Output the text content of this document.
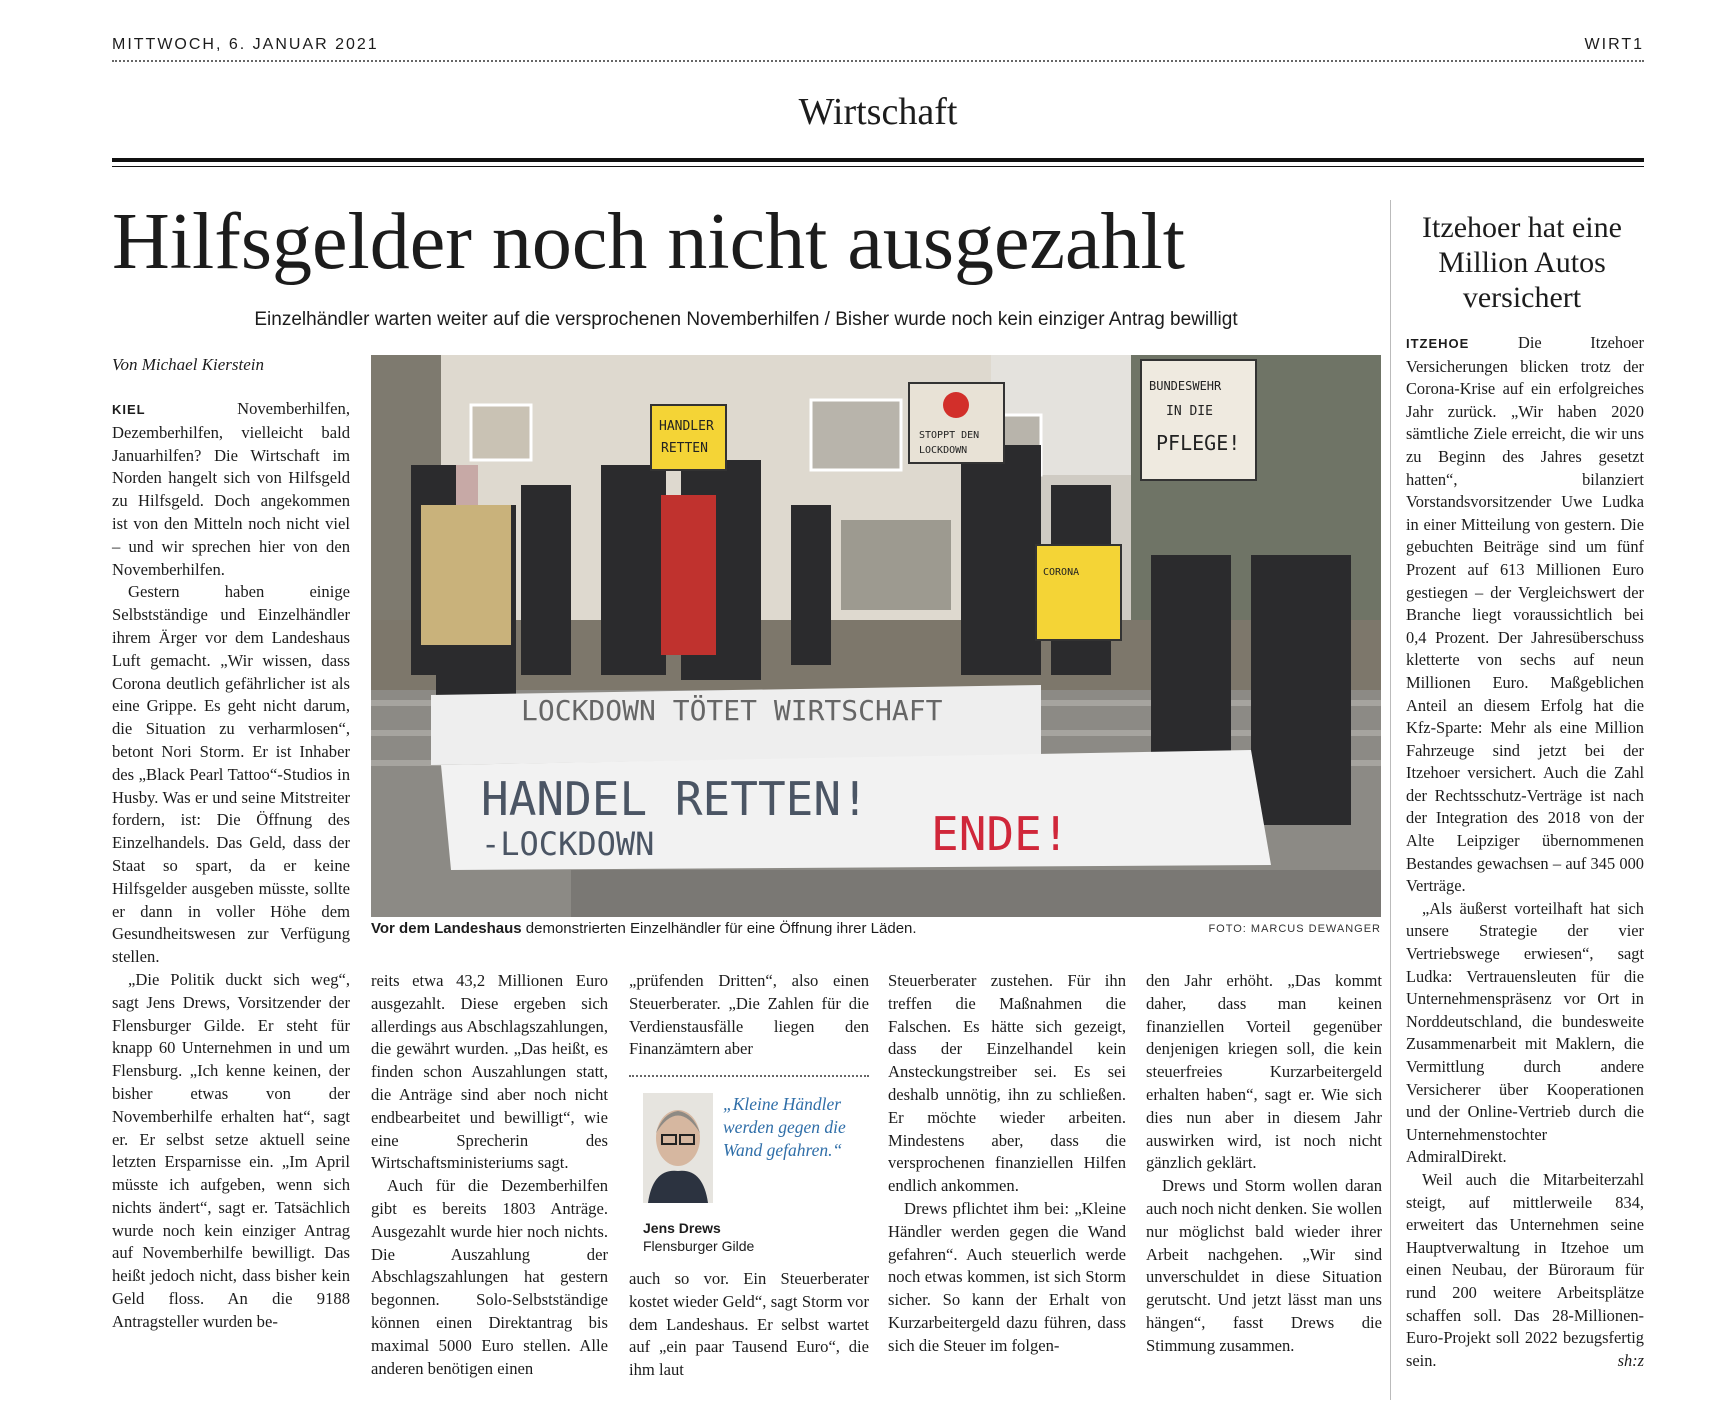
MITTWOCH, 6. JANUAR 2021	WIRT1
Wirtschaft
Hilfsgelder noch nicht ausgezahlt
Einzelhändler warten weiter auf die versprochenen Novemberhilfen / Bisher wurde noch kein einziger Antrag bewilligt
Von Michael Kierstein

KIEL	Novemberhilfen, Dezemberhilfen, vielleicht bald Januarhilfen? Die Wirtschaft im Norden hangelt sich von Hilfsgeld zu Hilfsgeld. Doch angekommen ist von den Mitteln noch nicht viel – und wir sprechen hier von den Novemberhilfen.

Gestern haben einige Selbstständige und Einzelhändler ihrem Ärger vor dem Landeshaus Luft gemacht. „Wir wissen, dass Corona deutlich gefährlicher ist als eine Grippe. Es geht nicht darum, die Situation zu verharmlosen“, betont Nori Storm. Er ist Inhaber des „Black Pearl Tattoo“-Studios in Husby. Was er und seine Mitstreiter fordern, ist: Die Öffnung des Einzelhandels. Das Geld, dass der Staat so spart, da er keine Hilfsgelder ausgeben müsste, sollte er dann in voller Höhe dem Gesundheitswesen zur Verfügung stellen.

„Die Politik duckt sich weg“, sagt Jens Drews, Vorsitzender der Flensburger Gilde. Er steht für knapp 60 Unternehmen in und um Flensburg. „Ich kenne keinen, der bisher etwas von der Novemberhilfe erhalten hat“, sagt er. Er selbst setze aktuell seine letzten Ersparnisse ein. „Im April müsste ich aufgeben, wenn sich nichts ändert“, sagt er. Tatsächlich wurde noch kein einziger Antrag auf Novemberhilfe bewilligt. Das heißt jedoch nicht, dass bisher kein Geld floss. An die 9188 Antragsteller wurden be-

HANDLER
RETTEN
STOPPT DEN
LOCKDOWN
BUNDESWEHR
IN DIE
PFLEGE!
CORONA
LOCKDOWN TÖTET WIRTSCHAFT
HANDEL RETTEN!
-LOCKDOWN	ENDE!
Vor dem Landeshaus demonstrierten Einzelhändler für eine Öffnung ihrer Läden.	FOTO: MARCUS DEWANGER

reits etwa 43,2 Millionen Euro ausgezahlt. Diese ergeben sich allerdings aus Abschlagszahlungen, die gewährt wurden. „Das heißt, es finden schon Auszahlungen statt, die Anträge sind aber noch nicht endbearbeitet und bewilligt“, wie eine Sprecherin des Wirtschaftsministeriums sagt.

Auch für die Dezemberhilfen gibt es bereits 1803 Anträge. Ausgezahlt wurde hier noch nichts. Die Auszahlung der Abschlagszahlungen hat gestern begonnen. Solo-Selbstständige können einen Direktantrag bis maximal 5000 Euro stellen. Alle anderen benötigen einen

„prüfenden Dritten“, also einen Steuerberater. „Die Zahlen für die Verdienstausfälle liegen den Finanzämtern aber

„Kleine Händler werden gegen die Wand gefahren.“
Jens Drews
Flensburger Gilde

auch so vor. Ein Steuerberater kostet wieder Geld“, sagt Storm vor dem Landeshaus. Er selbst wartet auf „ein paar Tausend Euro“, die ihm laut

Steuerberater zustehen. Für ihn treffen die Maßnahmen die Falschen. Es hätte sich gezeigt, dass der Einzelhandel kein Ansteckungstreiber sei. Es sei deshalb unnötig, ihn zu schließen. Er möchte wieder arbeiten. Mindestens aber, dass die versprochenen finanziellen Hilfen endlich ankommen.

Drews pflichtet ihm bei: „Kleine Händler werden gegen die Wand gefahren“. Auch steuerlich werde noch etwas kommen, ist sich Storm sicher. So kann der Erhalt von Kurzarbeitergeld dazu führen, dass sich die Steuer im folgen-

den Jahr erhöht. „Das kommt daher, dass man keinen finanziellen Vorteil gegenüber denjenigen kriegen soll, die kein steuerfreies Kurzarbeitergeld erhalten haben“, sagt er. Wie sich dies nun aber in diesem Jahr auswirken wird, ist noch nicht gänzlich geklärt.

Drews und Storm wollen daran auch noch nicht denken. Sie wollen nur möglichst bald wieder ihrer Arbeit nachgehen. „Wir sind unverschuldet in diese Situation gerutscht. Und jetzt lässt man uns hängen“, fasst Drews die Stimmung zusammen.

Itzehoer hat eine Million Autos versichert

ITZEHOE	Die Itzehoer Versicherungen blicken trotz der Corona-Krise auf ein erfolgreiches Jahr zurück. „Wir haben 2020 sämtliche Ziele erreicht, die wir uns zu Beginn des Jahres gesetzt hatten“, bilanziert Vorstandsvorsitzender Uwe Ludka in einer Mitteilung von gestern. Die gebuchten Beiträge sind um fünf Prozent auf 613 Millionen Euro gestiegen – der Vergleichswert der Branche liegt voraussichtlich bei 0,4 Prozent. Der Jahresüberschuss kletterte von sechs auf neun Millionen Euro. Maßgeblichen Anteil an diesem Erfolg hat die Kfz-Sparte: Mehr als eine Million Fahrzeuge sind jetzt bei der Itzehoer versichert. Auch die Zahl der Rechtsschutz-Verträge ist nach der Integration des 2018 von der Alte Leipziger übernommenen Bestandes gewachsen – auf 345 000 Verträge.

„Als äußerst vorteilhaft hat sich unsere Strategie der vier Vertriebswege erwiesen“, sagt Ludka: Vertrauensleuten für die Unternehmenspräsenz vor Ort in Norddeutschland, die bundesweite Zusammenarbeit mit Maklern, die Vermittlung durch andere Versicherer über Kooperationen und der Online-Vertrieb durch die Unternehmenstochter AdmiralDirekt.

Weil auch die Mitarbeiterzahl steigt, auf mittlerweile 834, erweitert das Unternehmen seine Hauptverwaltung in Itzehoe um einen Neubau, der Büroraum für rund 200 weitere Arbeitsplätze schaffen soll. Das 28-Millionen-Euro-Projekt soll 2022 bezugsfertig sein.	sh:z
